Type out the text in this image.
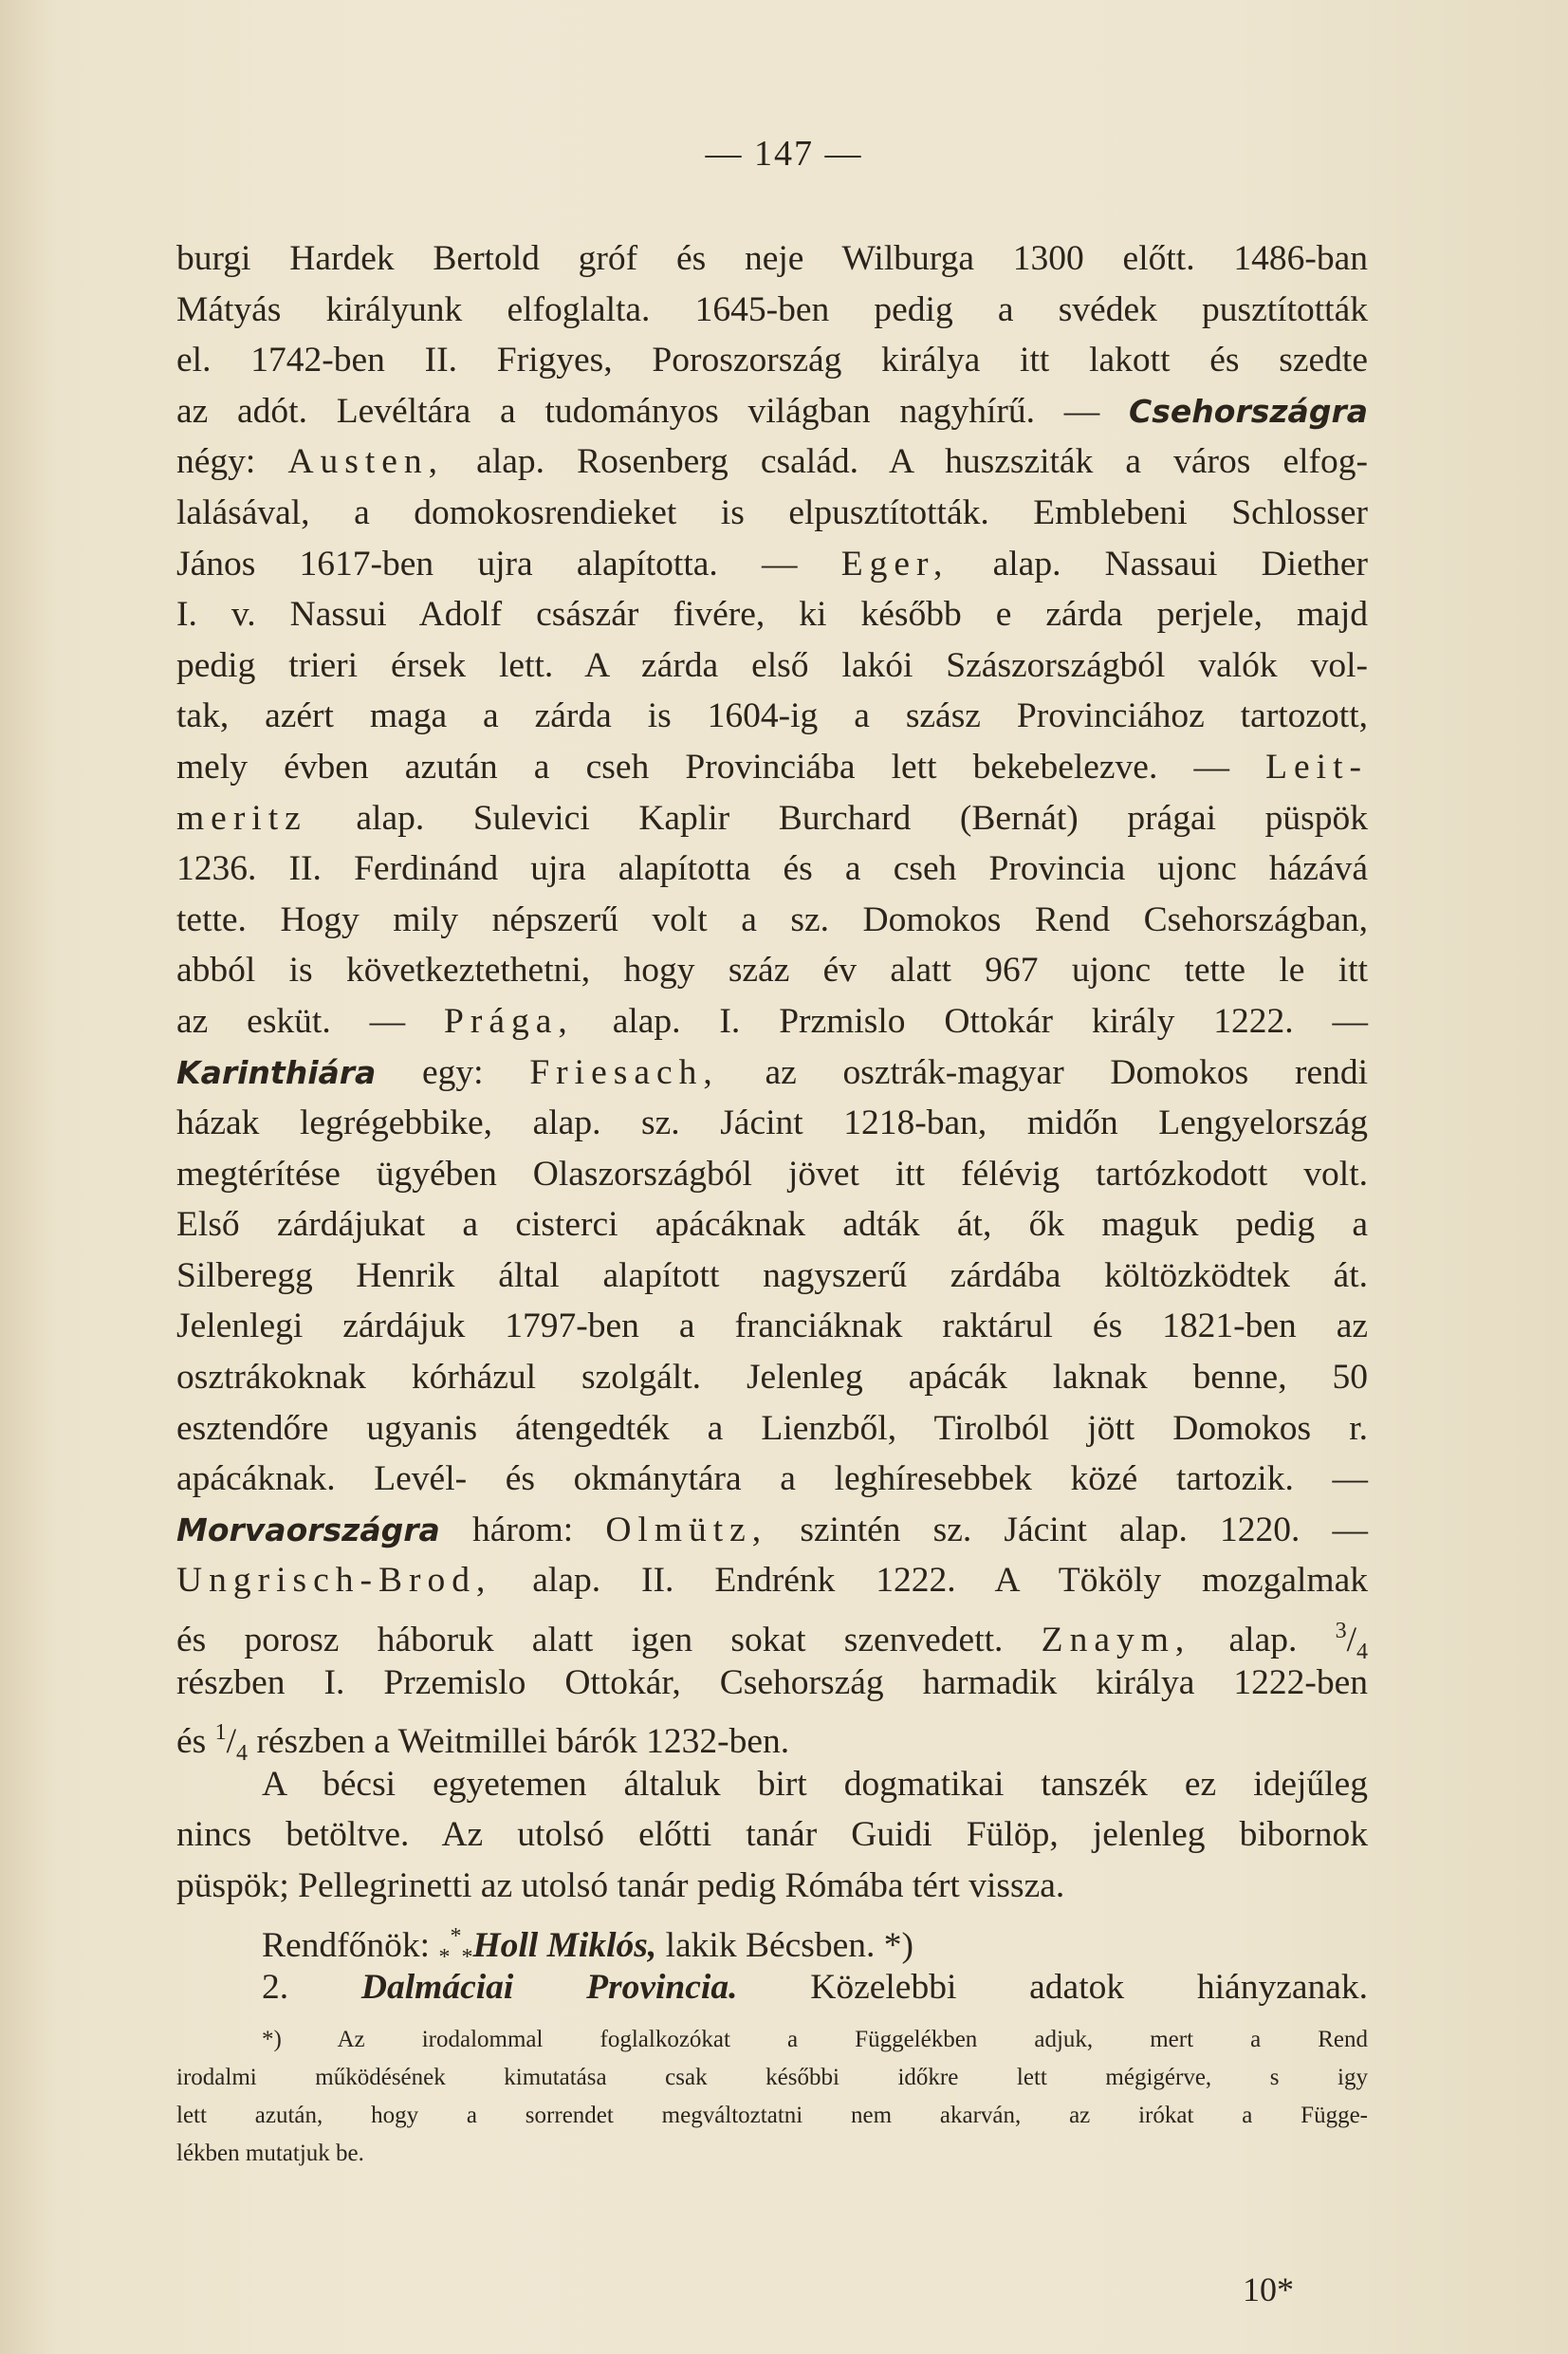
— 147 —
burgi Hardek Bertold gróf és neje Wilburga 1300 előtt. 1486-ban
Mátyás királyunk elfoglalta. 1645-ben pedig a svédek pusztították
el. 1742-ben II. Frigyes, Poroszország királya itt lakott és szedte
az adót. Levéltára a tudományos világban nagyhírű. — Csehországra
négy: Austen, alap. Rosenberg család. A huszsziták a város elfog-
lalásával, a domokosrendieket is elpusztították. Emblebeni Schlosser
János 1617-ben ujra alapította. — Eger, alap. Nassaui Diether
I. v. Nassui Adolf császár fivére, ki később e zárda perjele, majd
pedig trieri érsek lett. A zárda első lakói Szászországból valók vol-
tak, azért maga a zárda is 1604-ig a szász Provinciához tartozott,
mely évben azután a cseh Provinciába lett bekebelezve. — Leit-
meritz alap. Sulevici Kaplir Burchard (Bernát) prágai püspök
1236. II. Ferdinánd ujra alapította és a cseh Provincia ujonc házává
tette. Hogy mily népszerű volt a sz. Domokos Rend Csehországban,
abból is következtethetni, hogy száz év alatt 967 ujonc tette le itt
az esküt. — Prága, alap. I. Przmislo Ottokár király 1222. —
Karinthiára egy: Friesach, az osztrák-magyar Domokos rendi
házak legrégebbike, alap. sz. Jácint 1218-ban, midőn Lengyelország
megtérítése ügyében Olaszországból jövet itt félévig tartózkodott volt.
Első zárdájukat a cisterci apácáknak adták át, ők maguk pedig a
Silberegg Henrik által alapított nagyszerű zárdába költözködtek át.
Jelenlegi zárdájuk 1797-ben a franciáknak raktárul és 1821-ben az
osztrákoknak kórházul szolgált. Jelenleg apácák laknak benne, 50
esztendőre ugyanis átengedték a Lienzből, Tirolból jött Domokos r.
apácáknak. Levél- és okmánytára a leghíresebbek közé tartozik. —
Morvaországra három: Olmütz, szintén sz. Jácint alap. 1220. —
Ungrisch-Brod, alap. II. Endrénk 1222. A Tököly mozgalmak
és porosz háboruk alatt igen sokat szenvedett. Znaym, alap. $^3/_4$
részben I. Przemislo Ottokár, Csehország harmadik királya 1222-ben
és $^1/_4$ részben a Weitmillei bárók 1232-ben.
A bécsi egyetemen általuk birt dogmatikai tanszék ez idejűleg
nincs betöltve. Az utolsó előtti tanár Guidi Fülöp, jelenleg bibornok
püspök; Pellegrinetti az utolsó tanár pedig Rómába tért vissza.
Rendfőnök: $_*$*$_*$Holl Miklós, lakik Bécsben. *)
2. Dalmáciai Provincia. Közelebbi adatok hiányzanak.
*) Az irodalommal foglalkozókat a Függelékben adjuk, mert a Rend
irodalmi működésének kimutatása csak későbbi időkre lett mégigérve, s igy
lett azután, hogy a sorrendet megváltoztatni nem akarván, az irókat a Függe-
lékben mutatjuk be.
10*
